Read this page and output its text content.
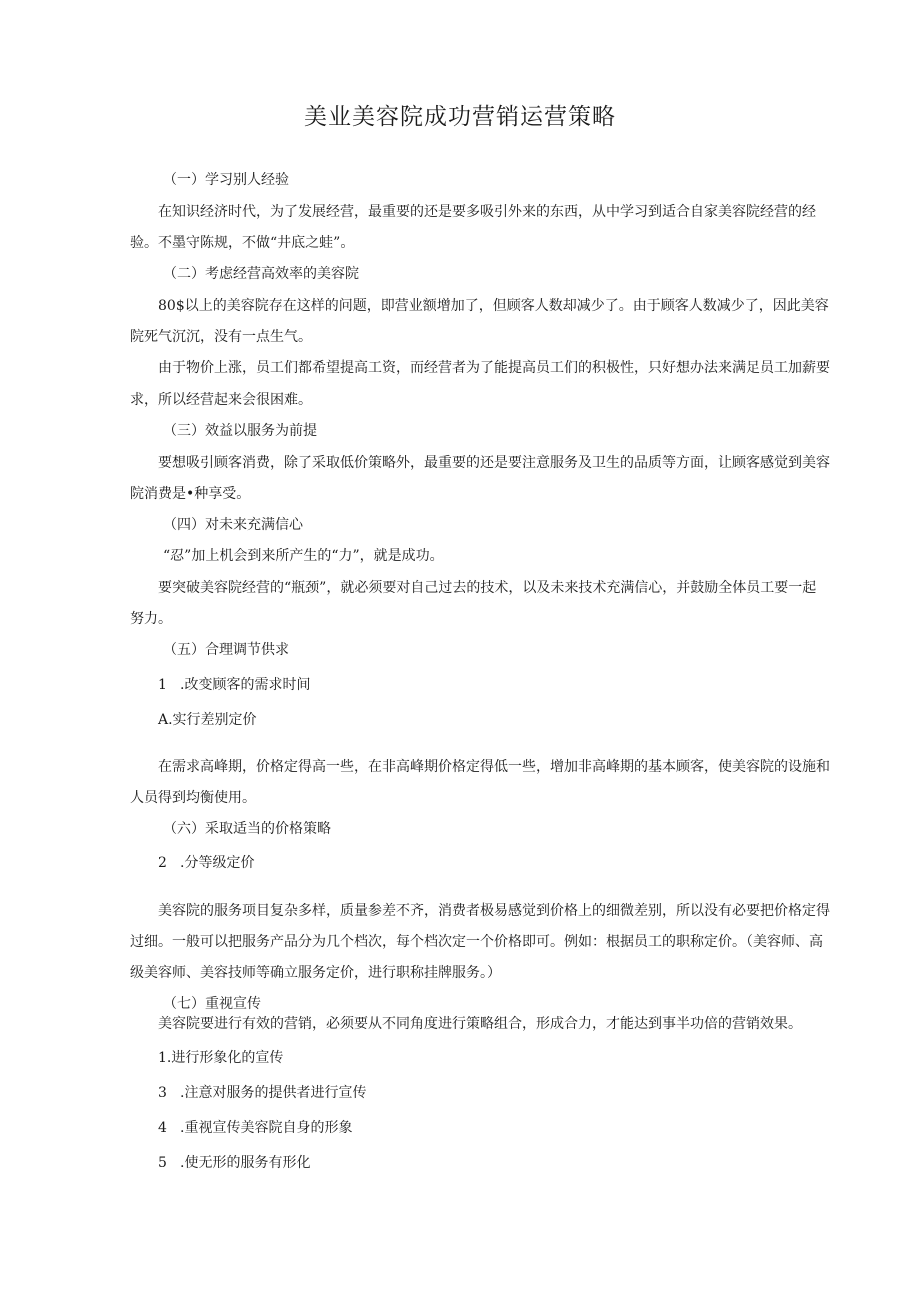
美业美容院成功营销运营策略
（一）学习别人经验
在知识经济时代，为了发展经营，最重要的还是要多吸引外来的东西，从中学习到适合自家美容院经营的经
验。不墨守陈规，不做“井底之蛙”。
（二）考虑经营高效率的美容院
80$以上的美容院存在这样的问题，即营业额增加了，但顾客人数却减少了。由于顾客人数减少了，因此美容
院死气沉沉，没有一点生气。
由于物价上涨，员工们都希望提高工资，而经营者为了能提高员工们的积极性，只好想办法来满足员工加薪要
求，所以经营起来会很困难。
（三）效益以服务为前提
要想吸引顾客消费，除了采取低价策略外，最重要的还是要注意服务及卫生的品质等方面，让顾客感觉到美容
院消费是•种享受。
（四）对未来充满信心
“忍”加上机会到来所产生的“力”，就是成功。
要突破美容院经营的“瓶颈”，就必须要对自己过去的技术，以及未来技术充满信心，并鼓励全体员工要一起
努力。
（五）合理调节供求
1 .改变顾客的需求时间
A.实行差别定价
在需求高峰期，价格定得高一些，在非高峰期价格定得低一些，增加非高峰期的基本顾客，使美容院的设施和
人员得到均衡使用。
（六）采取适当的价格策略
2 .分等级定价
美容院的服务项目复杂多样，质量参差不齐，消费者极易感觉到价格上的细微差别，所以没有必要把价格定得
过细。一般可以把服务产品分为几个档次，每个档次定一个价格即可。例如：根据员工的职称定价。（美容师、高
级美容师、美容技师等确立服务定价，进行职称挂牌服务。）
（七）重视宣传
美容院要进行有效的营销，必须要从不同角度进行策略组合，形成合力，才能达到事半功倍的营销效果。
1.进行形象化的宣传
3 .注意对服务的提供者进行宣传
4 .重视宣传美容院自身的形象
5 .使无形的服务有形化
